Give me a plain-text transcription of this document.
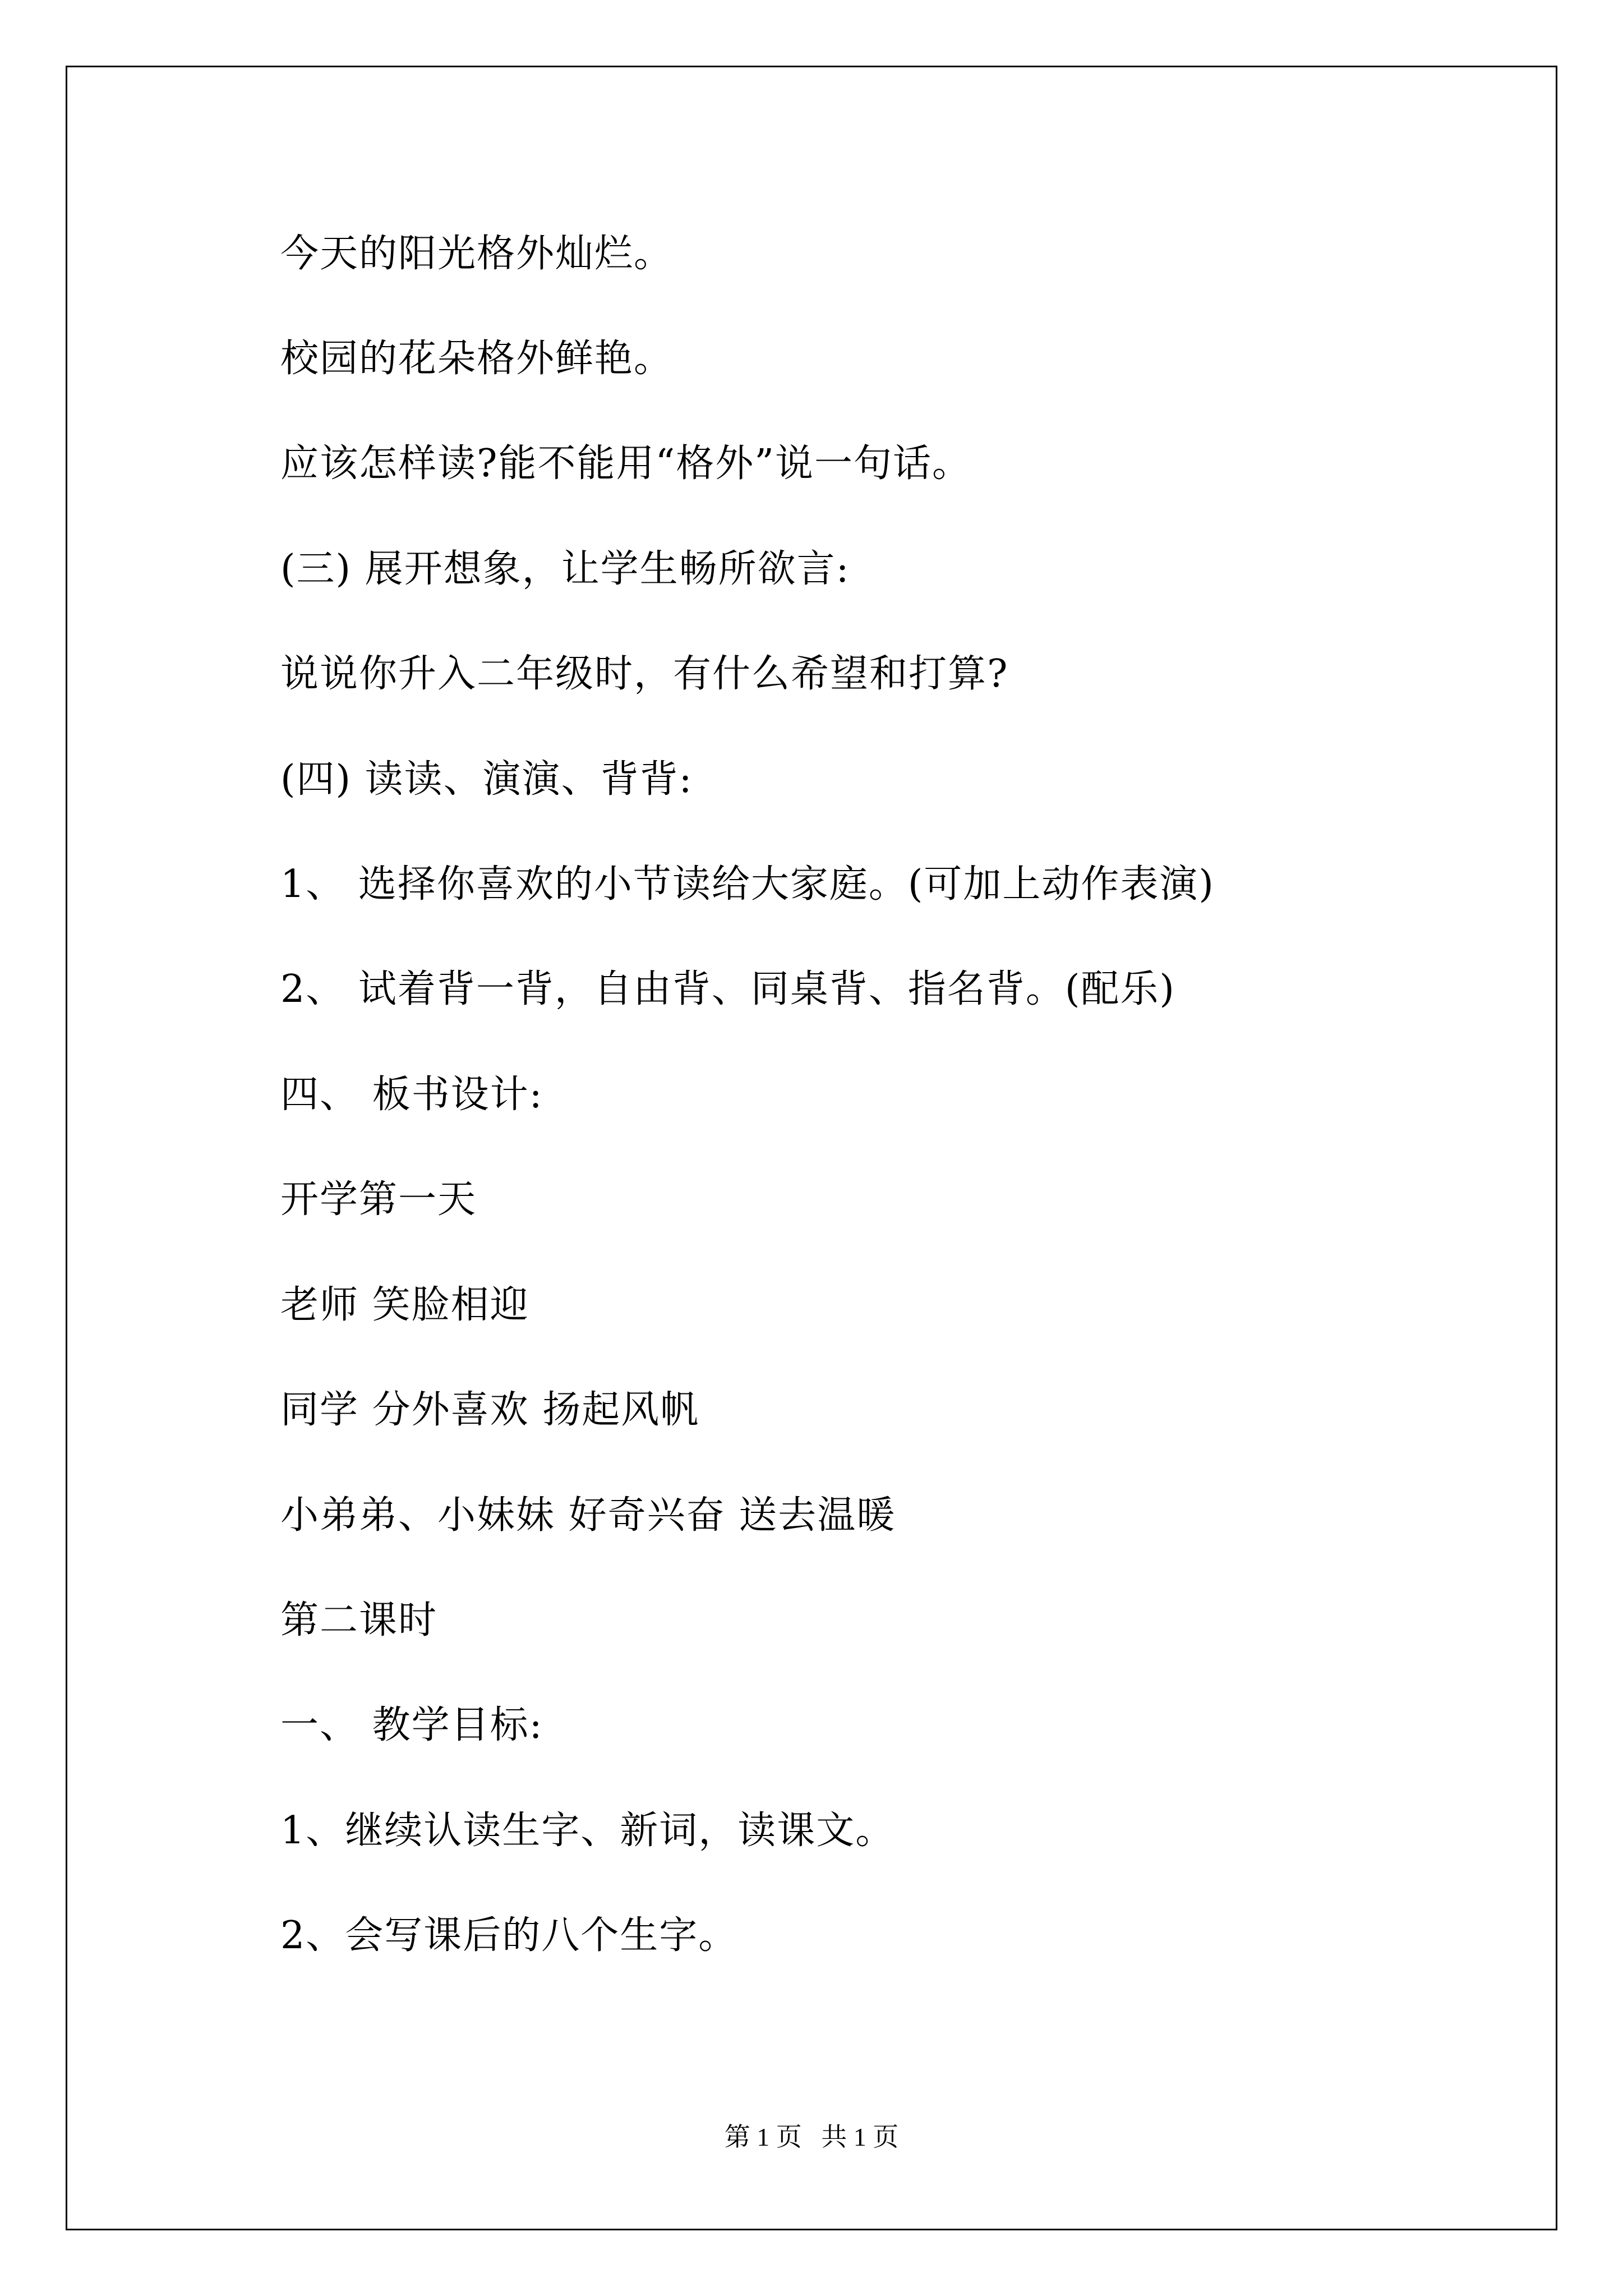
今天的阳光格外灿烂。
校园的花朵格外鲜艳。
应该怎样读?能不能用“格外”说一句话。
(三) 展开想象，让学生畅所欲言:
说说你升入二年级时，有什么希望和打算?
(四) 读读、演演、背背:
1、 选择你喜欢的小节读给大家庭。(可加上动作表演)
2、 试着背一背，自由背、同桌背、指名背。(配乐)
四、 板书设计:
开学第一天
老师 笑脸相迎
同学 分外喜欢 扬起风帆
小弟弟、小妹妹 好奇兴奋 送去温暖
第二课时
一、 教学目标:
1、继续认读生字、新词，读课文。
2、会写课后的八个生字。
第 1 页   共 1 页
